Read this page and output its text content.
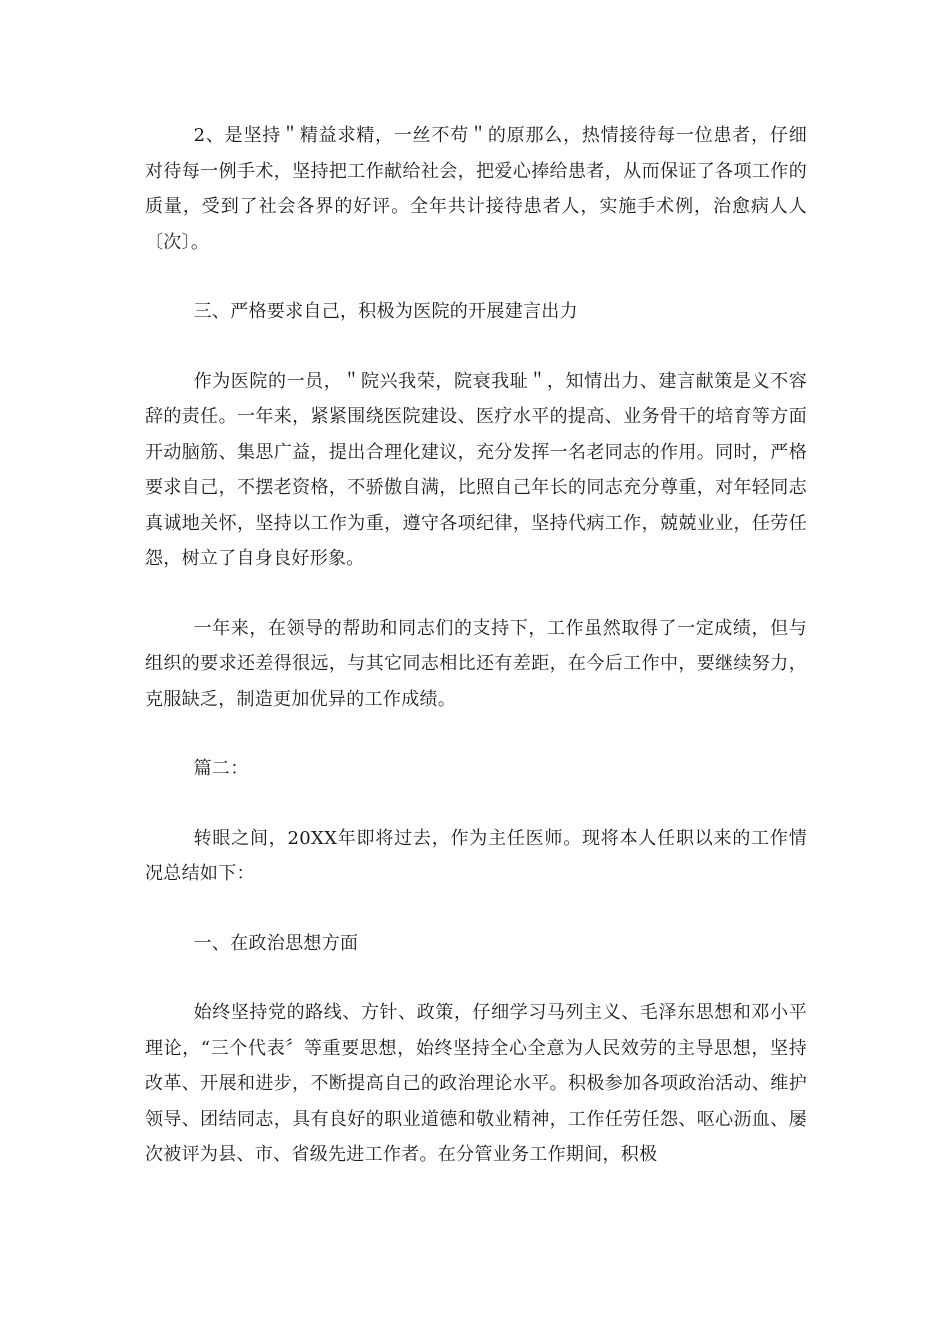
2、是坚持＂精益求精，一丝不苟＂的原那么，热情接待每一位患者，仔细对待每一例手术，坚持把工作献给社会，把爱心捧给患者，从而保证了各项工作的质量，受到了社会各界的好评。全年共计接待患者人，实施手术例，治愈病人人〔次〕。

三、严格要求自己，积极为医院的开展建言出力

作为医院的一员，＂院兴我荣，院衰我耻＂，知情出力、建言献策是义不容辞的责任。一年来，紧紧围绕医院建设、医疗水平的提高、业务骨干的培育等方面开动脑筋、集思广益，提出合理化建议，充分发挥一名老同志的作用。同时，严格要求自己，不摆老资格，不骄傲自满，比照自己年长的同志充分尊重，对年轻同志真诚地关怀，坚持以工作为重，遵守各项纪律，坚持代病工作，兢兢业业，任劳任怨，树立了自身良好形象。

一年来，在领导的帮助和同志们的支持下，工作虽然取得了一定成绩，但与组织的要求还差得很远，与其它同志相比还有差距，在今后工作中，要继续努力，克服缺乏，制造更加优异的工作成绩。

篇二：

转眼之间，20XX年即将过去，作为主任医师。现将本人任职以来的工作情况总结如下：

一、在政治思想方面

始终坚持党的路线、方针、政策，仔细学习马列主义、毛泽东思想和邓小平理论，“三个代表〞等重要思想，始终坚持全心全意为人民效劳的主导思想，坚持改革、开展和进步，不断提高自己的政治理论水平。积极参加各项政治活动、维护领导、团结同志，具有良好的职业道德和敬业精神，工作任劳任怨、呕心沥血、屡次被评为县、市、省级先进工作者。在分管业务工作期间，积极
